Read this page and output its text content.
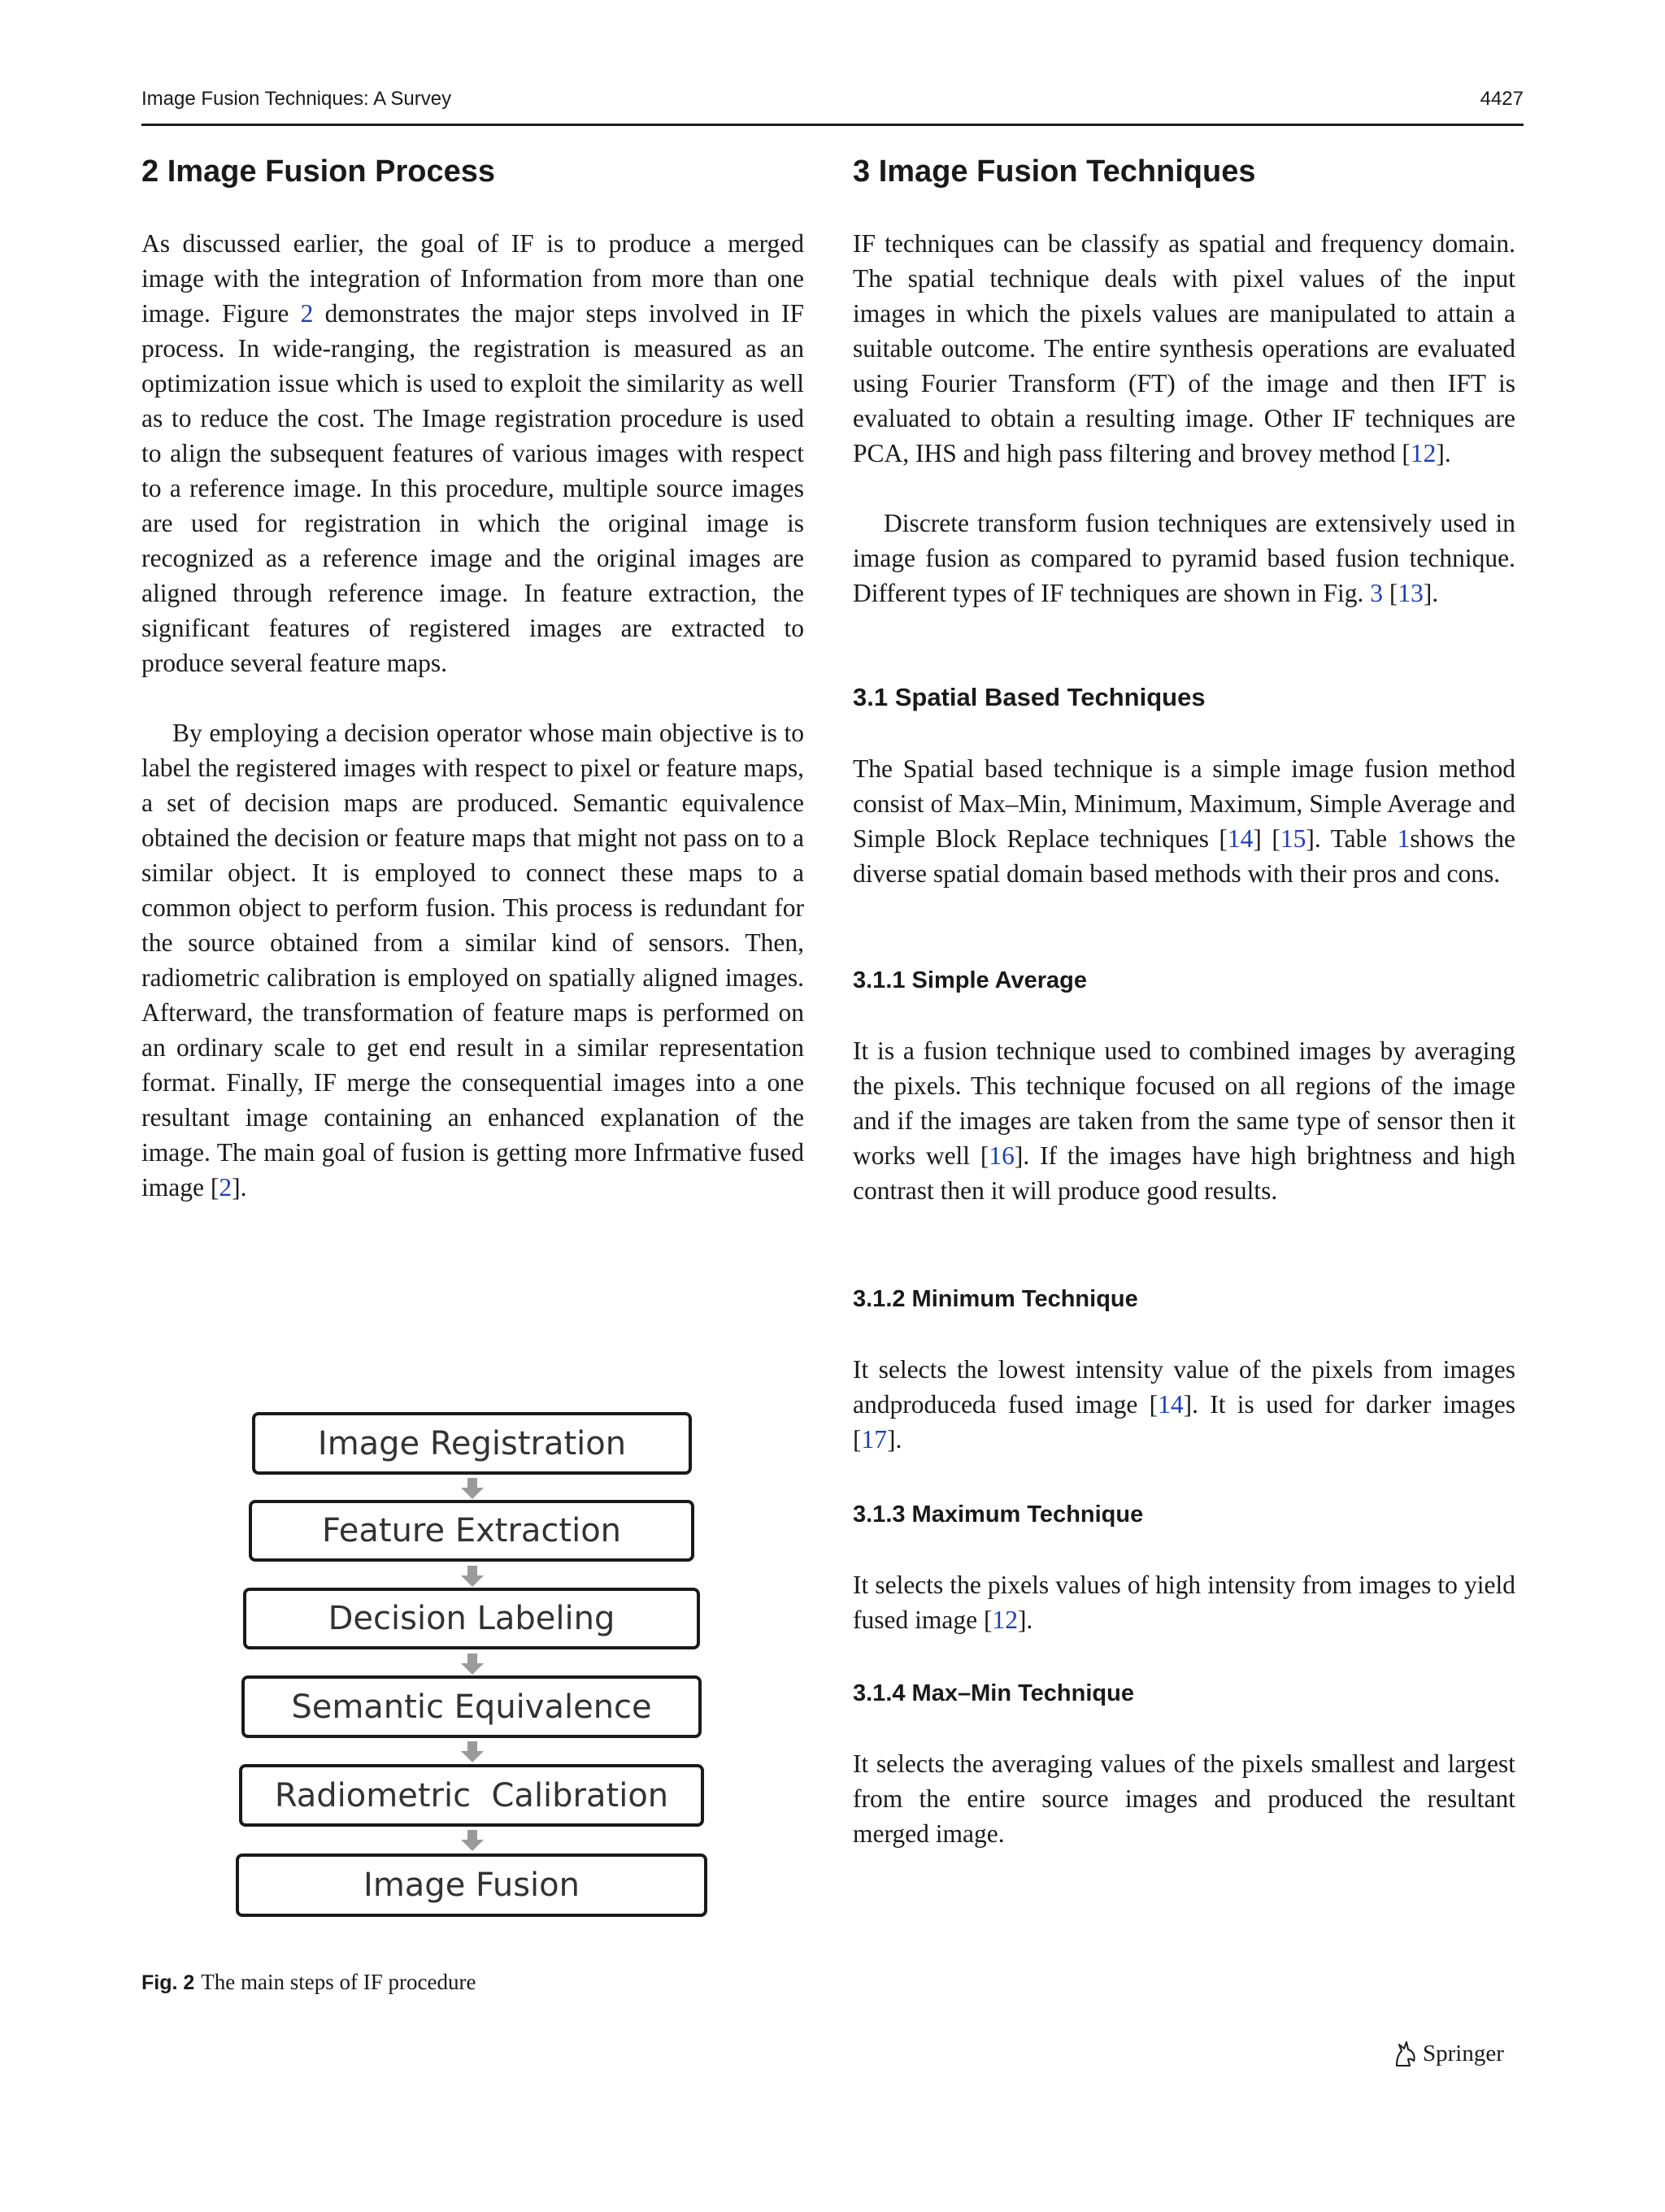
Image Fusion Techniques: A Survey	4427
2 Image Fusion Process

As discussed earlier, the goal of IF is to produce a merged image with the integration of Information from more than one image. Figure 2 demonstrates the major steps involved in IF process. In wide-ranging, the registration is measured as an optimization issue which is used to exploit the similarity as well as to reduce the cost. The Image registration procedure is used to align the subsequent features of various images with respect to a reference image. In this procedure, multiple source images are used for registration in which the original image is recognized as a reference image and the original images are aligned through reference image. In feature extraction, the significant features of registered images are extracted to produce several feature maps.

By employing a decision operator whose main objective is to label the registered images with respect to pixel or feature maps, a set of decision maps are produced. Semantic equivalence obtained the decision or feature maps that might not pass on to a similar object. It is employed to connect these maps to a common object to perform fusion. This process is redundant for the source obtained from a similar kind of sensors. Then, radiometric calibration is employed on spatially aligned images. Afterward, the transformation of feature maps is performed on an ordinary scale to get end result in a similar representation format. Finally, IF merge the consequential images into a one resultant image containing an enhanced explanation of the image. The main goal of fusion is getting more Infrmative fused image [2].

Image Registration
Feature Extraction
Decision Labeling
Semantic Equivalence
Radiometric  Calibration
Image Fusion

Fig. 2 The main steps of IF procedure

3 Image Fusion Techniques

IF techniques can be classify as spatial and frequency domain. The spatial technique deals with pixel values of the input images in which the pixels values are manipulated to attain a suitable outcome. The entire synthesis operations are evaluated using Fourier Transform (FT) of the image and then IFT is evaluated to obtain a resulting image. Other IF techniques are PCA, IHS and high pass filtering and brovey method [12].

Discrete transform fusion techniques are extensively used in image fusion as compared to pyramid based fusion technique. Different types of IF techniques are shown in Fig. 3 [13].

3.1 Spatial Based Techniques

The Spatial based technique is a simple image fusion method consist of Max–Min, Minimum, Maximum, Simple Average and Simple Block Replace techniques [14] [15]. Table 1shows the diverse spatial domain based methods with their pros and cons.

3.1.1 Simple Average

It is a fusion technique used to combined images by averaging the pixels. This technique focused on all regions of the image and if the images are taken from the same type of sensor then it works well [16]. If the images have high brightness and high contrast then it will produce good results.

3.1.2 Minimum Technique

It selects the lowest intensity value of the pixels from images andproduceda fused image [14]. It is used for darker images [17].

3.1.3 Maximum Technique

It selects the pixels values of high intensity from images to yield fused image [12].

3.1.4 Max–Min Technique

It selects the averaging values of the pixels smallest and largest from the entire source images and produced the resultant merged image.

Springer
